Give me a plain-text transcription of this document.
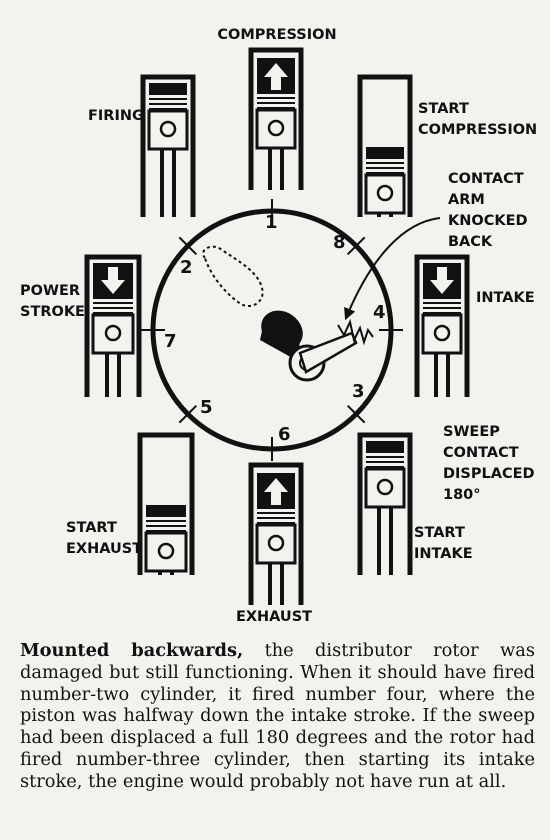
1
2
3
4
5
6
7
8
COMPRESSION
FIRING	START
COMPRESSION
CONTACT
ARM
KNOCKED
BACK
POWER
STROKE
INTAKE
SWEEP
CONTACT
DISPLACED
180°
START
EXHAUST
START
INTAKE
EXHAUST
Mounted backwards, the distributor rotor was damaged but still functioning. When it should have fired number-two cylinder, it fired number four, where the piston was halfway down the intake stroke. If the sweep had been displaced a full 180 degrees and the rotor had fired number-three cylinder, then starting its intake stroke, the engine would probably not have run at all.
